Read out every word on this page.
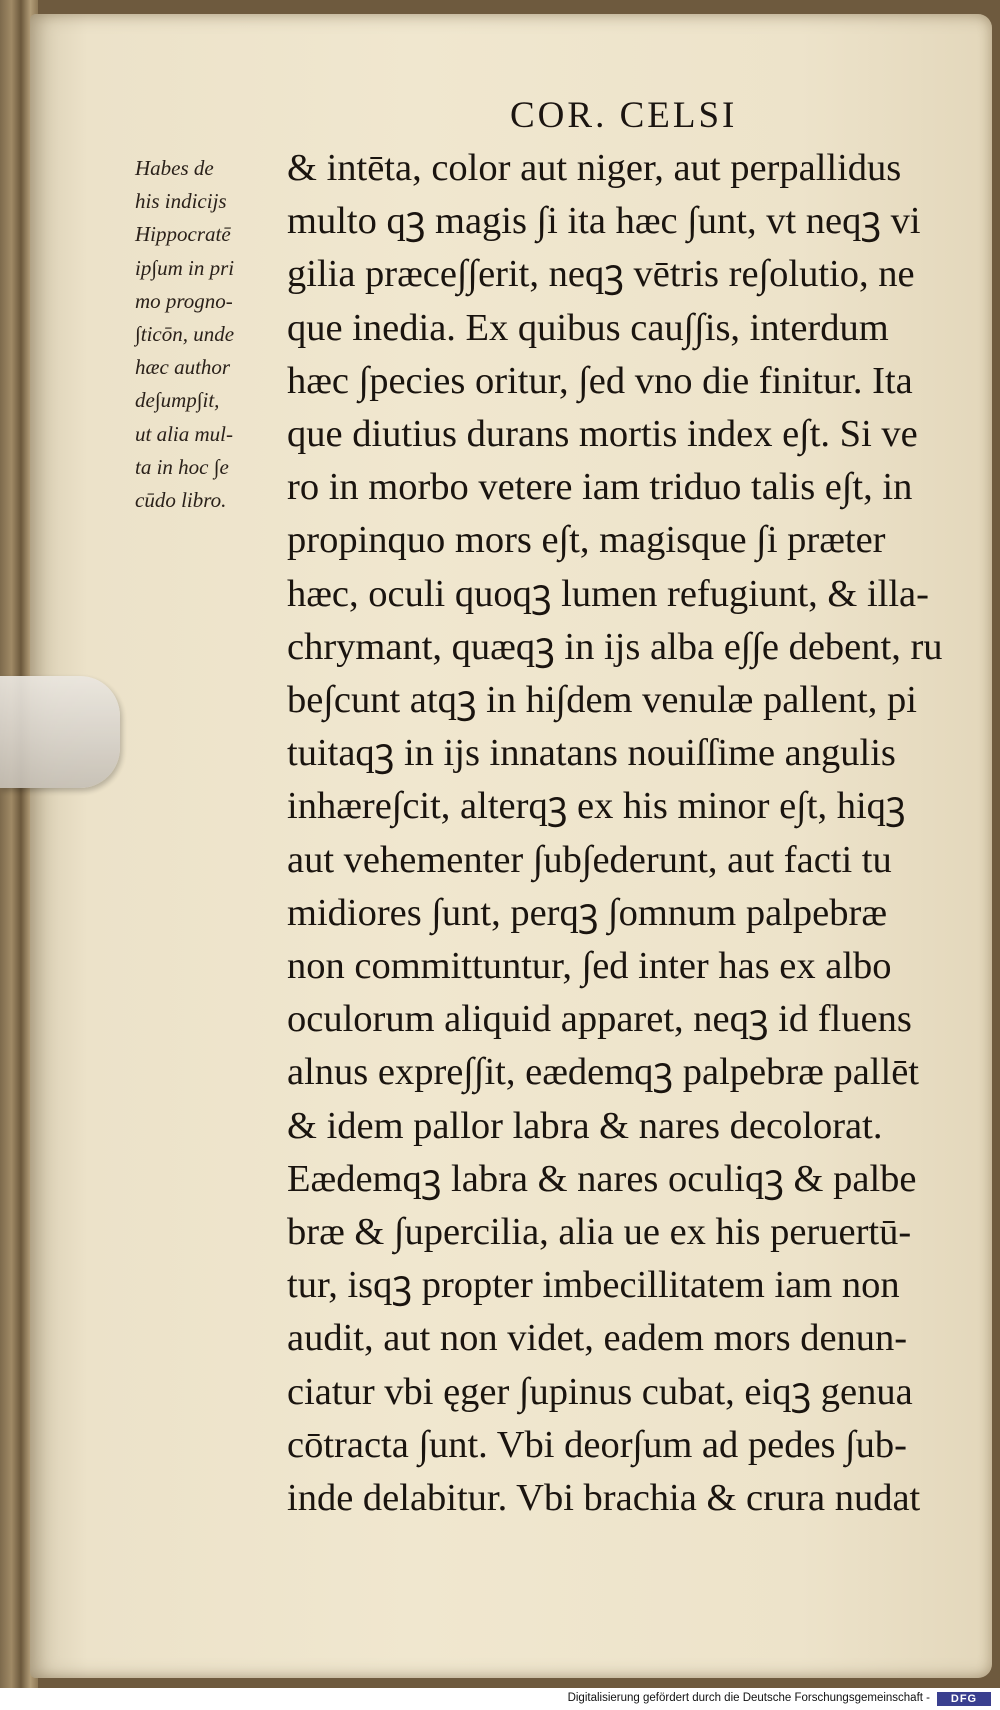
COR. CELSI
Habes de
his indicijs
Hippocratē
ip∫um in pri
mo progno-
∫ticōn, unde
hæc author
de∫ump∫it,
ut alia mul-
ta in hoc ∫e
cūdo libro.
& intēta, color aut niger, aut perpallidus
multo qꝫ magis ∫i ita hæc ∫unt, vt neqꝫ vi
gilia præce∫∫erit, neqꝫ vētris re∫olutio, ne
que inedia. Ex quibus cau∫∫is, interdum
hæc ∫pecies oritur, ∫ed vno die finitur. Ita
que diutius durans mortis index e∫t. Si ve
ro in morbo vetere iam triduo talis e∫t, in
propinquo mors e∫t, magisque ∫i præter
hæc, oculi quoqꝫ lumen refugiunt, & illa-
chrymant, quæqꝫ in ijs alba e∫∫e debent, ru
be∫cunt atqꝫ in hi∫dem venulæ pallent, pi
tuitaqꝫ in ijs innatans nouiſſime angulis
inhære∫cit, alterqꝫ ex his minor e∫t, hiqꝫ
aut vehementer ∫ub∫ederunt, aut facti tu
midiores ∫unt, perqꝫ ∫omnum palpebræ
non committuntur, ∫ed inter has ex albo
oculorum aliquid apparet, neqꝫ id fluens
alnus expre∫∫it, eædemqꝫ palpebræ pallēt
& idem pallor labra & nares decolorat.
Eædemqꝫ labra & nares oculiqꝫ & palbe
bræ & ∫upercilia, alia ue ex his peruertū-
tur, isqꝫ propter imbecillitatem iam non
audit, aut non videt, eadem mors denun-
ciatur vbi ęger ∫upinus cubat, eiqꝫ genua
cōtracta ∫unt. Vbi deor∫um ad pedes ∫ub-
inde delabitur. Vbi brachia & crura nudat
Digitalisierung gefördert durch die Deutsche Forschungsgemeinschaft -	DFG
